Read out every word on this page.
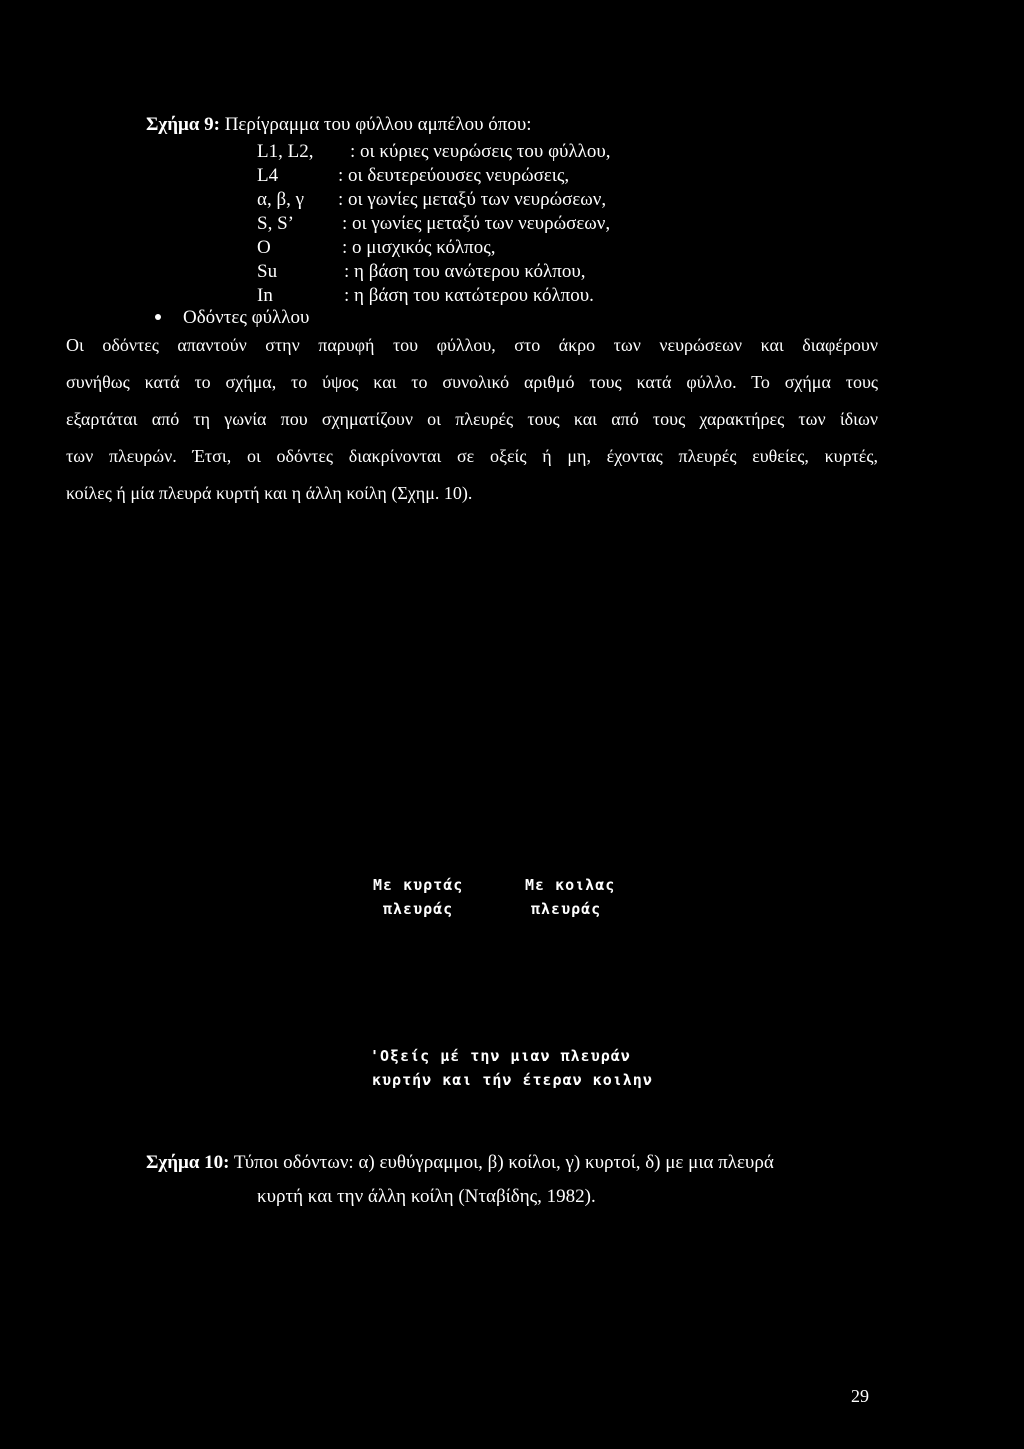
Σχήμα 9: Περίγραμμα του φύλλου αμπέλου όπου:
L1, L2, : οι κύριες νευρώσεις του φύλλου,
L4	: οι δευτερεύουσες νευρώσεις,
α, β, γ : οι γωνίες μεταξύ των νευρώσεων,
S, S’	: οι γωνίες μεταξύ των νευρώσεων,
O	: ο μισχικός κόλπος,
Su	: η βάση του ανώτερου κόλπου,
In	: η βάση του κατώτερου κόλπου.
Οδόντες φύλλου
Οι οδόντες απαντούν στην παρυφή του φύλλου, στο άκρο των νευρώσεων και διαφέρουν
συνήθως κατά το σχήμα, το ύψος και το συνολικό αριθμό τους κατά φύλλο. Το σχήμα τους
εξαρτάται από τη γωνία που σχηματίζουν οι πλευρές τους και από τους χαρακτήρες των ίδιων
των πλευρών. Έτσι, οι οδόντες διακρίνονται σε οξείς ή μη, έχοντας πλευρές ευθείες, κυρτές,
κοίλες ή μία πλευρά κυρτή και η άλλη κοίλη (Σχημ. 10).
Με κυρτάς
πλευράς
Με κοιλας
πλευράς
'Οξείς μέ την μιαν πλευράν
κυρτήν και τήν έτεραν κοιλην
Σχήμα 10: Τύποι οδόντων: α) ευθύγραμμοι, β) κοίλοι, γ) κυρτοί, δ) με μια πλευρά
κυρτή και την άλλη κοίλη (Νταβίδης, 1982).
29
